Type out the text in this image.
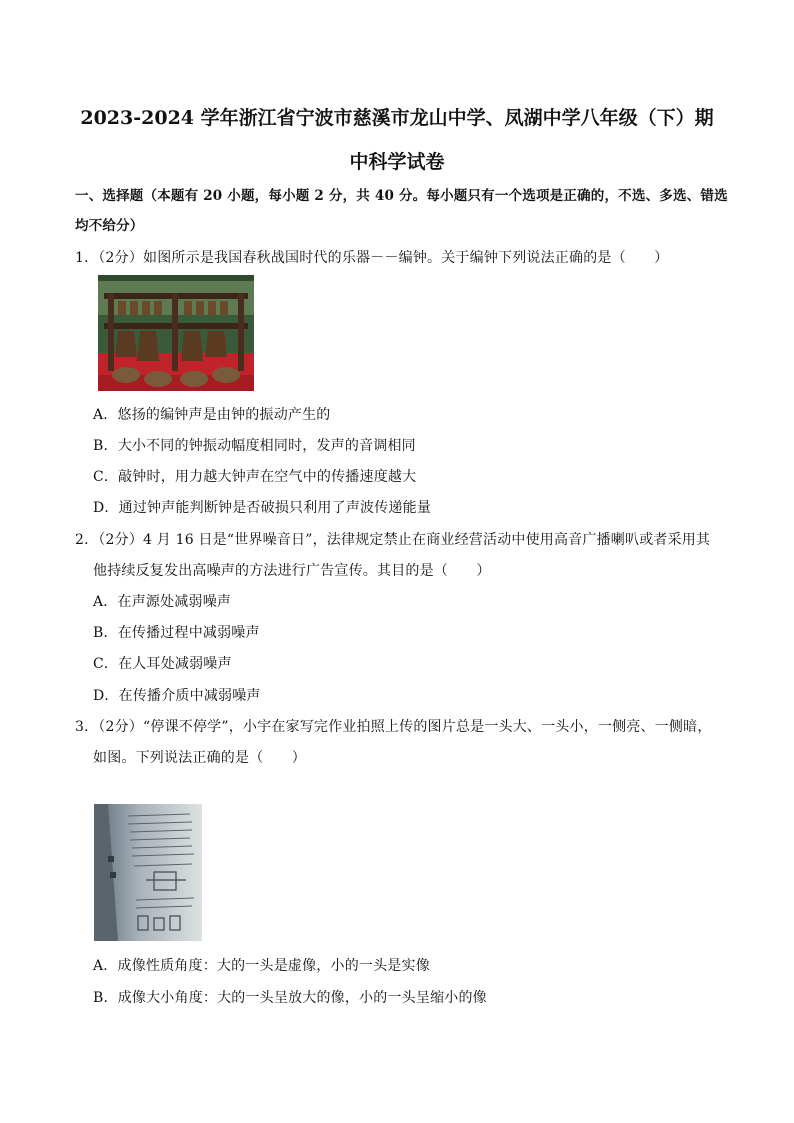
2023-2024 学年浙江省宁波市慈溪市龙山中学、凤湖中学八年级（下）期
中科学试卷
一、选择题（本题有 20 小题，每小题 2 分，共 40 分。每小题只有一个选项是正确的，不选、多选、错选
均不给分）
1．（2分）如图所示是我国春秋战国时代的乐器－－编钟。关于编钟下列说法正确的是（　　）
A．悠扬的编钟声是由钟的振动产生的
B．大小不同的钟振动幅度相同时，发声的音调相同
C．敲钟时，用力越大钟声在空气中的传播速度越大
D．通过钟声能判断钟是否破损只利用了声波传递能量
2．（2分）4 月 16 日是“世界噪音日”，法律规定禁止在商业经营活动中使用高音广播喇叭或者采用其
他持续反复发出高噪声的方法进行广告宣传。其目的是（　　）
A．在声源处减弱噪声
B．在传播过程中减弱噪声
C．在人耳处减弱噪声
D．在传播介质中减弱噪声
3．（2分）“停课不停学”，小宇在家写完作业拍照上传的图片总是一头大、一头小，一侧亮、一侧暗，
如图。下列说法正确的是（　　）
A．成像性质角度：大的一头是虚像，小的一头是实像
B．成像大小角度：大的一头呈放大的像，小的一头呈缩小的像
